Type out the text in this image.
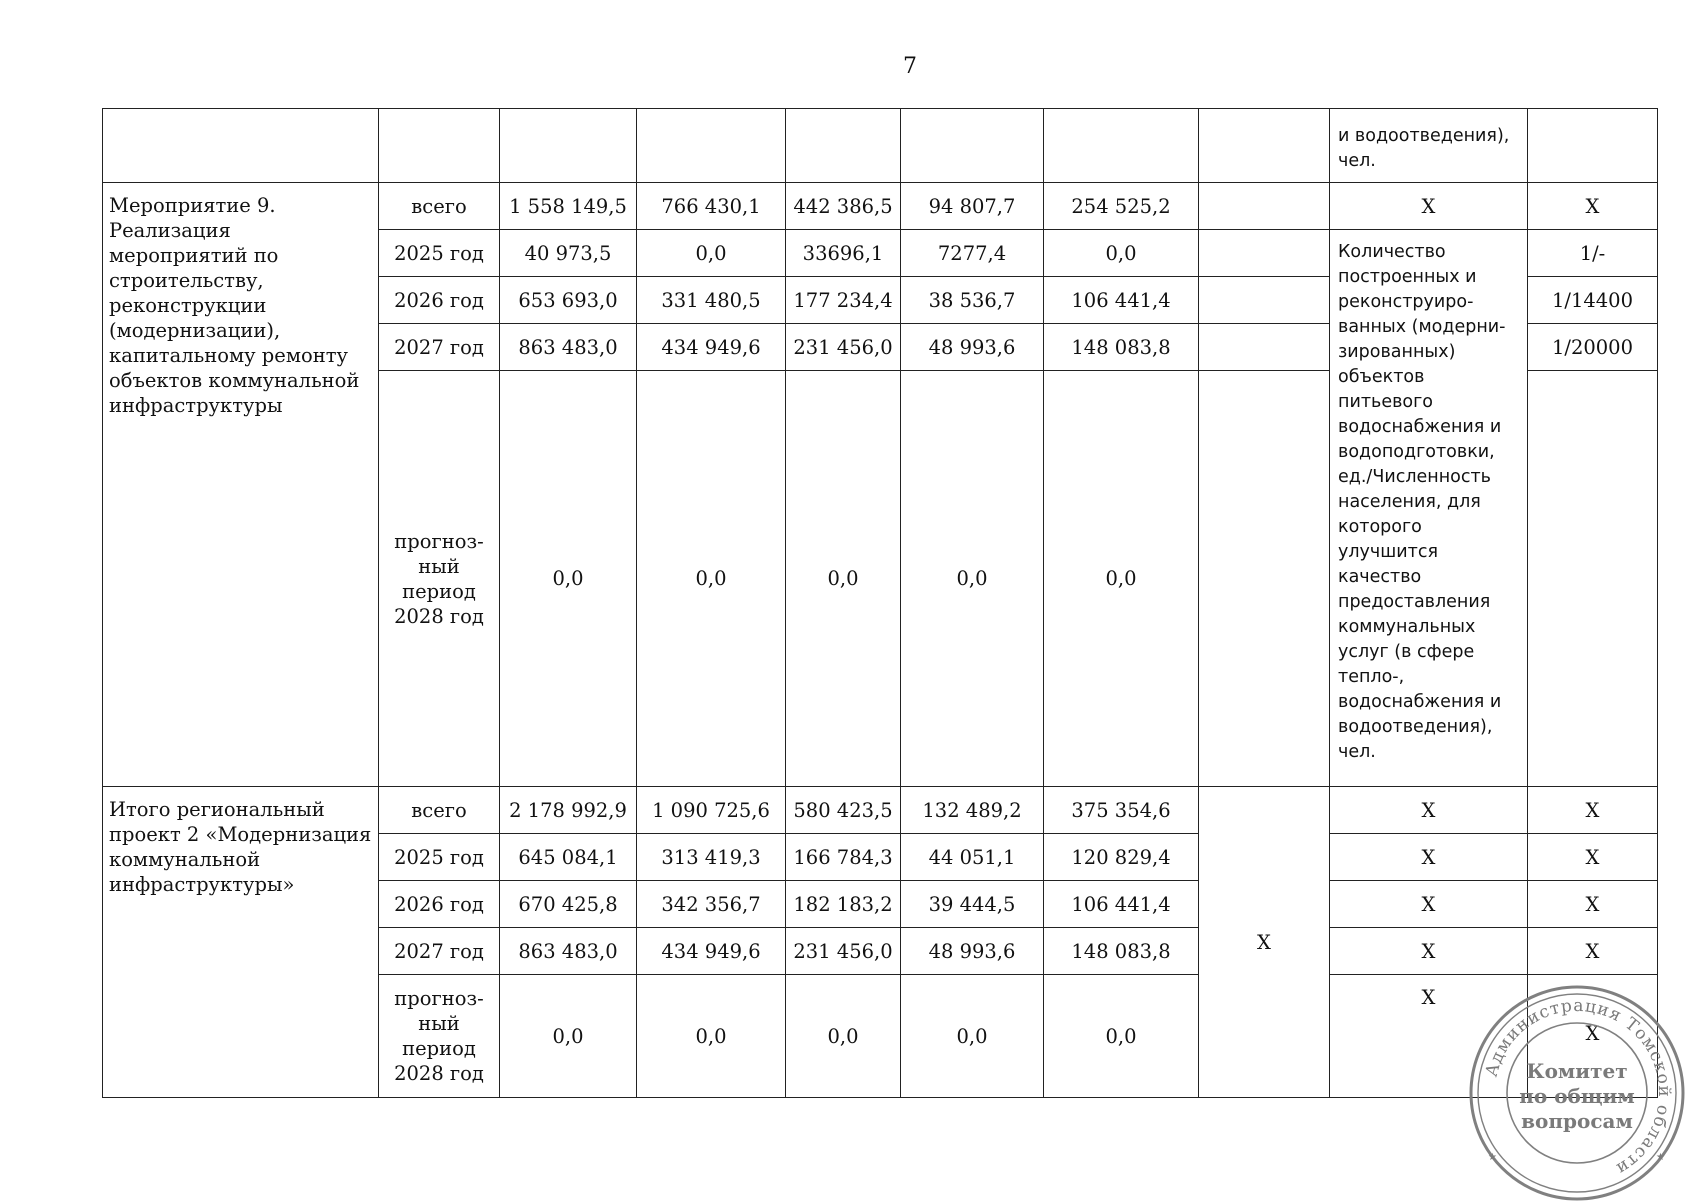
7
								и водоотведения), чел.	
Мероприятие 9. Реализация мероприятий по строительству, реконструкции (модернизации), капитальному ремонту объектов коммунальной инфраструктуры	всего	1 558 149,5	766 430,1	442 386,5	94 807,7	254 525,2		X	X
	2025 год	40 973,5	0,0	33696,1	7277,4	0,0		Количество построенных и реконструиро-ванных (модерни-зированных) объектов питьевого водоснабжения и водоподготовки, ед./Численность населения, для которого улучшится качество предоставления коммунальных услуг (в сфере тепло-, водоснабжения и водоотведения), чел.	1/-
	2026 год	653 693,0	331 480,5	177 234,4	38 536,7	106 441,4			1/14400
	2027 год	863 483,0	434 949,6	231 456,0	48 993,6	148 083,8			1/20000
	прогноз-ный период 2028 год	0,0	0,0	0,0	0,0	0,0			
Итого региональный проект 2 «Модернизация коммунальной инфраструктуры»	всего	2 178 992,9	1 090 725,6	580 423,5	132 489,2	375 354,6	X	X	X
	2025 год	645 084,1	313 419,3	166 784,3	44 051,1	120 829,4		X	X
	2026 год	670 425,8	342 356,7	182 183,2	39 444,5	106 441,4		X	X
	2027 год	863 483,0	434 949,6	231 456,0	48 993,6	148 083,8		X	X
	прогноз-ный период 2028 год	0,0	0,0	0,0	0,0	0,0		X	X
Администрация Томской области
Комитет
по общим
вопросам
★	★
